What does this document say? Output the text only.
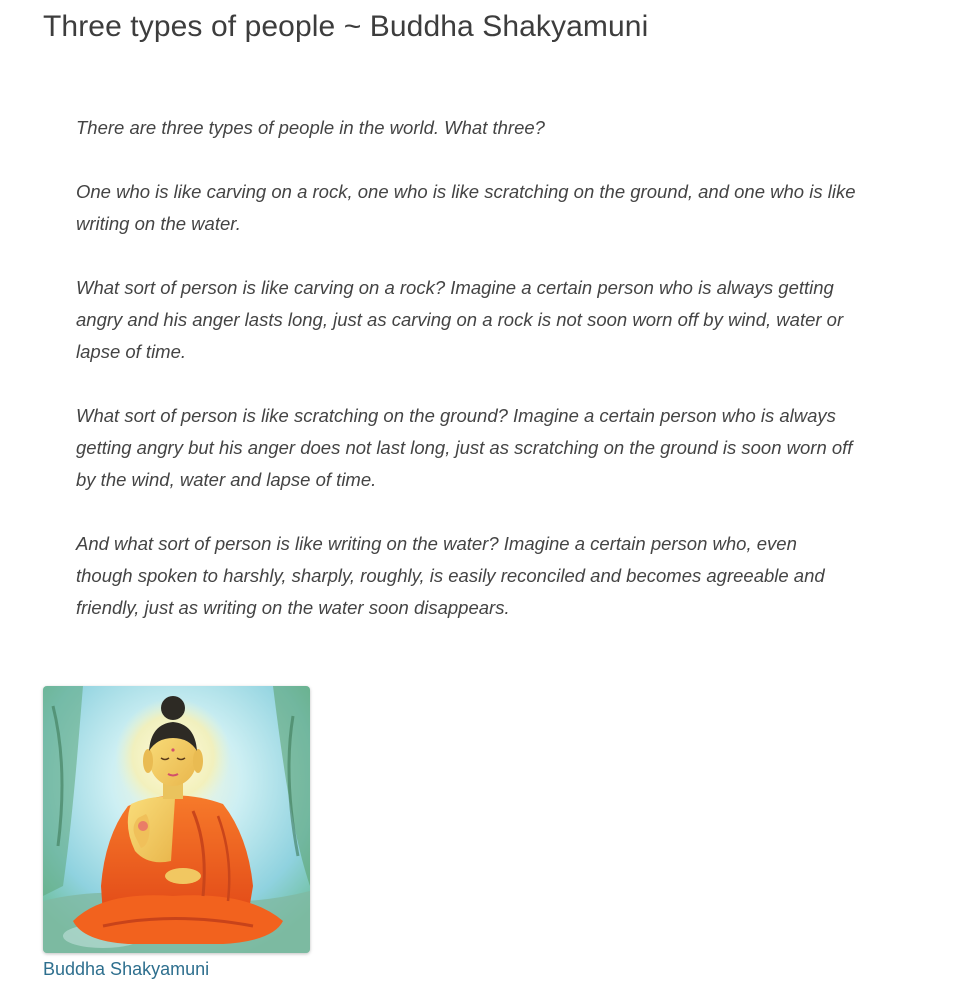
Three types of people ~ Buddha Shakyamuni

There are three types of people in the world. What three?

One who is like carving on a rock, one who is like scratching on the ground, and one who is like writing on the water.

What sort of person is like carving on a rock? Imagine a certain person who is always getting angry and his anger lasts long, just as carving on a rock is not soon worn off by wind, water or lapse of time.

What sort of person is like scratching on the ground? Imagine a certain person who is always getting angry but his anger does not last long, just as scratching on the ground is soon worn off by the wind, water and lapse of time.

And what sort of person is like writing on the water? Imagine a certain person who, even though spoken to harshly, sharply, roughly, is easily reconciled and becomes agreeable and friendly, just as writing on the water soon disappears.

Buddha Shakyamuni
